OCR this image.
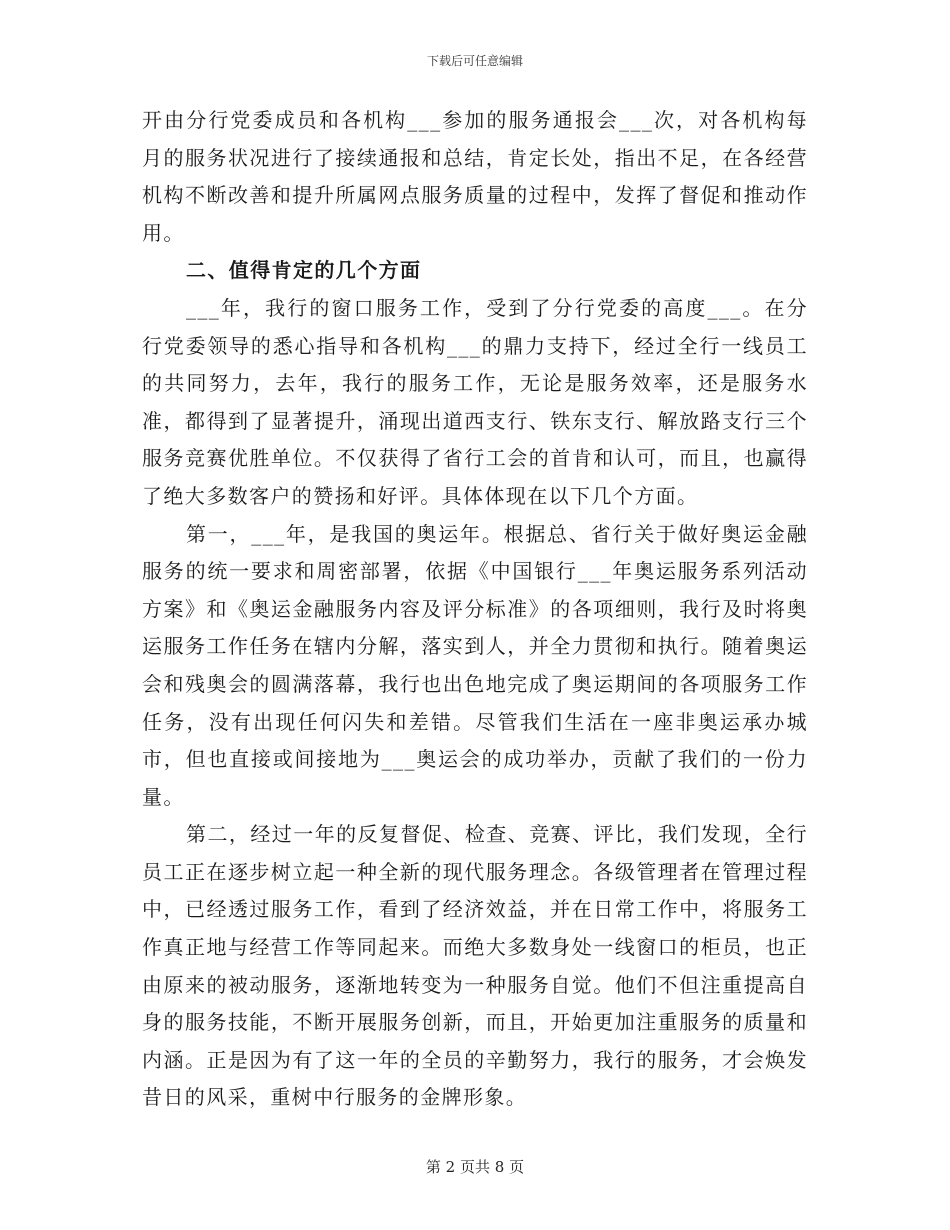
下载后可任意编辑

开由分行党委成员和各机构___参加的服务通报会___次，对各机构每月的服务状况进行了接续通报和总结，肯定长处，指出不足，在各经营机构不断改善和提升所属网点服务质量的过程中，发挥了督促和推动作用。

二、值得肯定的几个方面

___年，我行的窗口服务工作，受到了分行党委的高度___。在分行党委领导的悉心指导和各机构___的鼎力支持下，经过全行一线员工的共同努力，去年，我行的服务工作，无论是服务效率，还是服务水准，都得到了显著提升，涌现出道西支行、铁东支行、解放路支行三个服务竞赛优胜单位。不仅获得了省行工会的首肯和认可，而且，也赢得了绝大多数客户的赞扬和好评。具体体现在以下几个方面。

第一，___年，是我国的奥运年。根据总、省行关于做好奥运金融服务的统一要求和周密部署，依据《中国银行___年奥运服务系列活动方案》和《奥运金融服务内容及评分标准》的各项细则，我行及时将奥运服务工作任务在辖内分解，落实到人，并全力贯彻和执行。随着奥运会和残奥会的圆满落幕，我行也出色地完成了奥运期间的各项服务工作任务，没有出现任何闪失和差错。尽管我们生活在一座非奥运承办城市，但也直接或间接地为___奥运会的成功举办，贡献了我们的一份力量。

第二，经过一年的反复督促、检查、竞赛、评比，我们发现，全行员工正在逐步树立起一种全新的现代服务理念。各级管理者在管理过程中，已经透过服务工作，看到了经济效益，并在日常工作中，将服务工作真正地与经营工作等同起来。而绝大多数身处一线窗口的柜员，也正由原来的被动服务，逐渐地转变为一种服务自觉。他们不但注重提高自身的服务技能，不断开展服务创新，而且，开始更加注重服务的质量和内涵。正是因为有了这一年的全员的辛勤努力，我行的服务，才会焕发昔日的风采，重树中行服务的金牌形象。

第 2 页共 8 页
